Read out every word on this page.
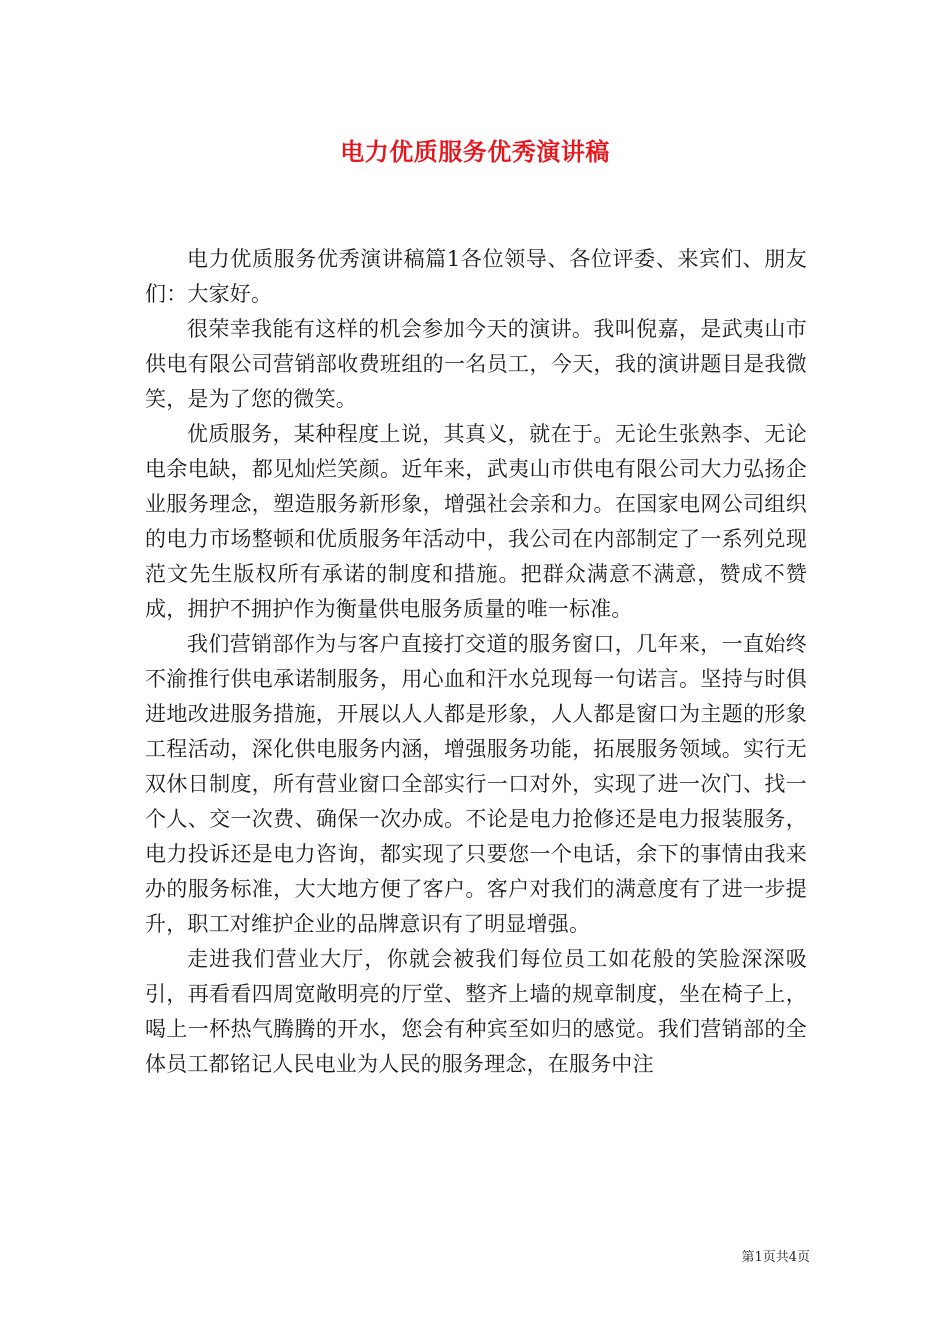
电力优质服务优秀演讲稿

电力优质服务优秀演讲稿篇1各位领导、各位评委、来宾们、朋友们：大家好。

很荣幸我能有这样的机会参加今天的演讲。我叫倪嘉，是武夷山市供电有限公司营销部收费班组的一名员工，今天，我的演讲题目是我微笑，是为了您的微笑。

优质服务，某种程度上说，其真义，就在于。无论生张熟李、无论电余电缺，都见灿烂笑颜。近年来，武夷山市供电有限公司大力弘扬企业服务理念，塑造服务新形象，增强社会亲和力。在国家电网公司组织的电力市场整顿和优质服务年活动中，我公司在内部制定了一系列兑现范文先生版权所有承诺的制度和措施。把群众满意不满意，赞成不赞成，拥护不拥护作为衡量供电服务质量的唯一标准。

我们营销部作为与客户直接打交道的服务窗口，几年来，一直始终不渝推行供电承诺制服务，用心血和汗水兑现每一句诺言。坚持与时俱进地改进服务措施，开展以人人都是形象，人人都是窗口为主题的形象工程活动，深化供电服务内涵，增强服务功能，拓展服务领域。实行无双休日制度，所有营业窗口全部实行一口对外，实现了进一次门、找一个人、交一次费、确保一次办成。不论是电力抢修还是电力报装服务，电力投诉还是电力咨询，都实现了只要您一个电话，余下的事情由我来办的服务标准，大大地方便了客户。客户对我们的满意度有了进一步提升，职工对维护企业的品牌意识有了明显增强。

走进我们营业大厅，你就会被我们每位员工如花般的笑脸深深吸引，再看看四周宽敞明亮的厅堂、整齐上墙的规章制度，坐在椅子上，喝上一杯热气腾腾的开水，您会有种宾至如归的感觉。我们营销部的全体员工都铭记人民电业为人民的服务理念，在服务中注

第1页共4页
